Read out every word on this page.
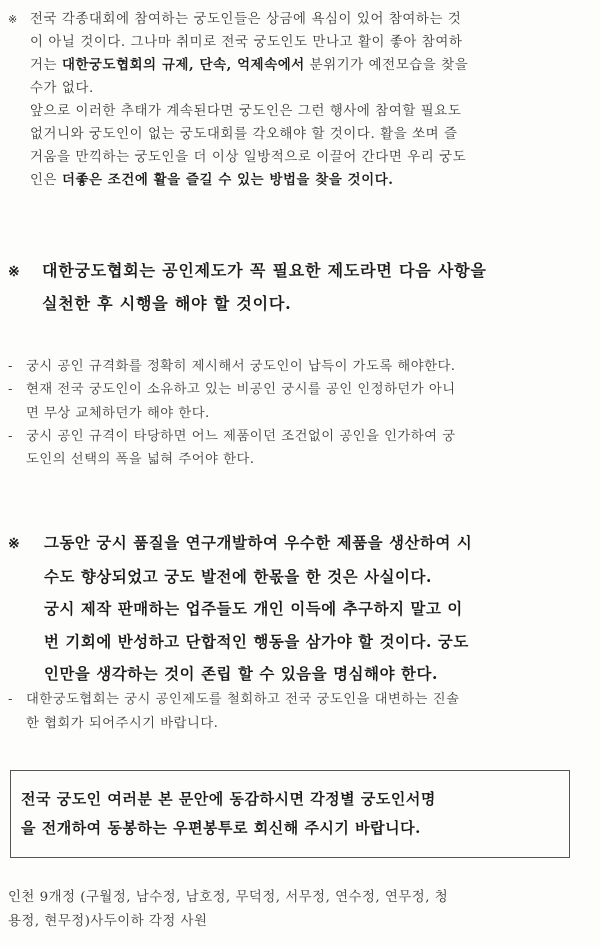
※ 전국 각종대회에 참여하는 궁도인들은 상금에 욕심이 있어 참여하는 것
이 아닐 것이다. 그나마 취미로 전국 궁도인도 만나고 활이 좋아 참여하
거는 대한궁도협회의 규제, 단속, 억제속에서 분위기가 예전모습을 찾을
수가 없다.
앞으로 이러한 추태가 계속된다면 궁도인은 그런 행사에 참여할 필요도
없거니와 궁도인이 없는 궁도대회를 각오해야 할 것이다. 활을 쏘며 즐
거움을 만끽하는 궁도인을 더 이상 일방적으로 이끌어 간다면 우리 궁도
인은 더좋은 조건에 활을 즐길 수 있는 방법을 찾을 것이다.
※ 대한궁도협회는 공인제도가 꼭 필요한 제도라면 다음 사항을
실천한 후 시행을 해야 할 것이다.
- 궁시 공인 규격화를 정확히 제시해서 궁도인이 납득이 가도록 해야한다.
- 현재 전국 궁도인이 소유하고 있는 비공인 궁시를 공인 인정하던가 아니
면 무상 교체하던가 해야 한다.
- 궁시 공인 규격이 타당하면 어느 제품이던 조건없이 공인을 인가하여 궁
도인의 선택의 폭을 넓혀 주어야 한다.
※ 그동안 궁시 품질을 연구개발하여 우수한 제품을 생산하여 시
수도 향상되었고 궁도 발전에 한몫을 한 것은 사실이다.
궁시 제작 판매하는 업주들도 개인 이득에 추구하지 말고 이
번 기회에 반성하고 단합적인 행동을 삼가야 할 것이다. 궁도
인만을 생각하는 것이 존립 할 수 있음을 명심해야 한다.
- 대한궁도협회는 궁시 공인제도를 철회하고 전국 궁도인을 대변하는 진솔
한 협회가 되어주시기 바랍니다.
전국 궁도인 여러분 본 문안에 동감하시면 각정별 궁도인서명
을 전개하여 동봉하는 우편봉투로 회신해 주시기 바랍니다.
인천 9개정 (구월정, 남수정, 남호정, 무덕정, 서무정, 연수정, 연무정, 청
용정, 현무정)사두이하 각정 사원
